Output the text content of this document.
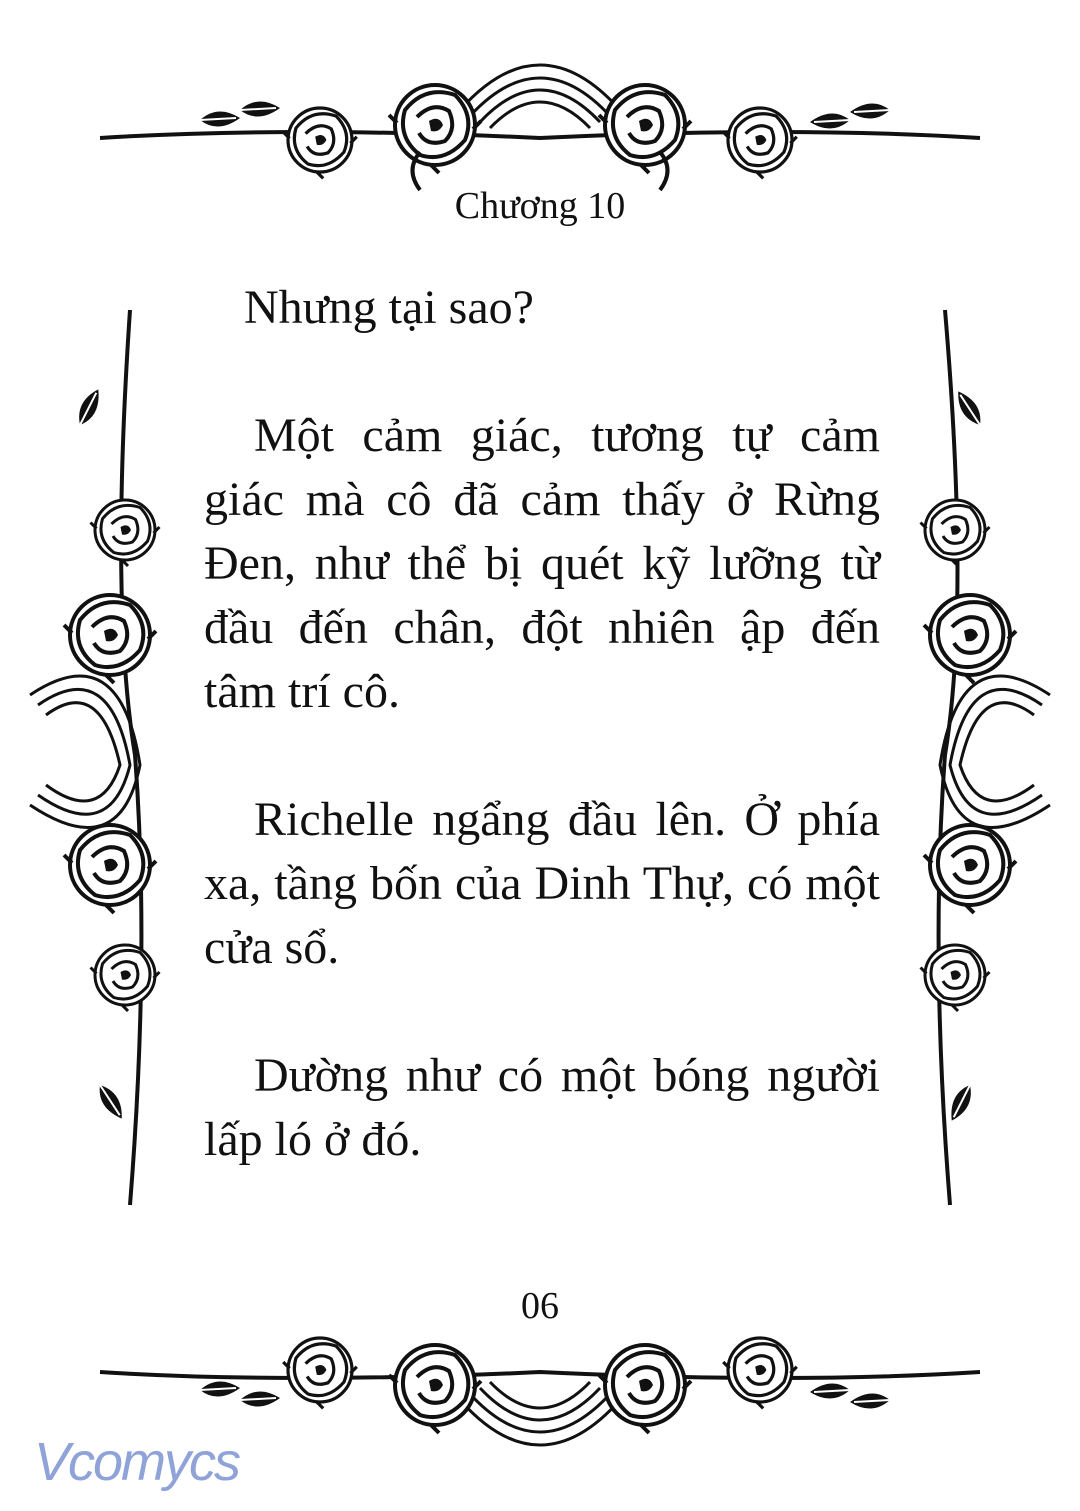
Chương 10

Nhưng tại sao?

Một cảm giác, tương tự cảm giác mà cô đã cảm thấy ở Rừng Đen, như thể bị quét kỹ lưỡng từ đầu đến chân, đột nhiên ập đến tâm trí cô.

Richelle ngẩng đầu lên. Ở phía xa, tầng bốn của Dinh Thự, có một cửa sổ.

Dường như có một bóng người lấp ló ở đó.

06
Vcomycs
